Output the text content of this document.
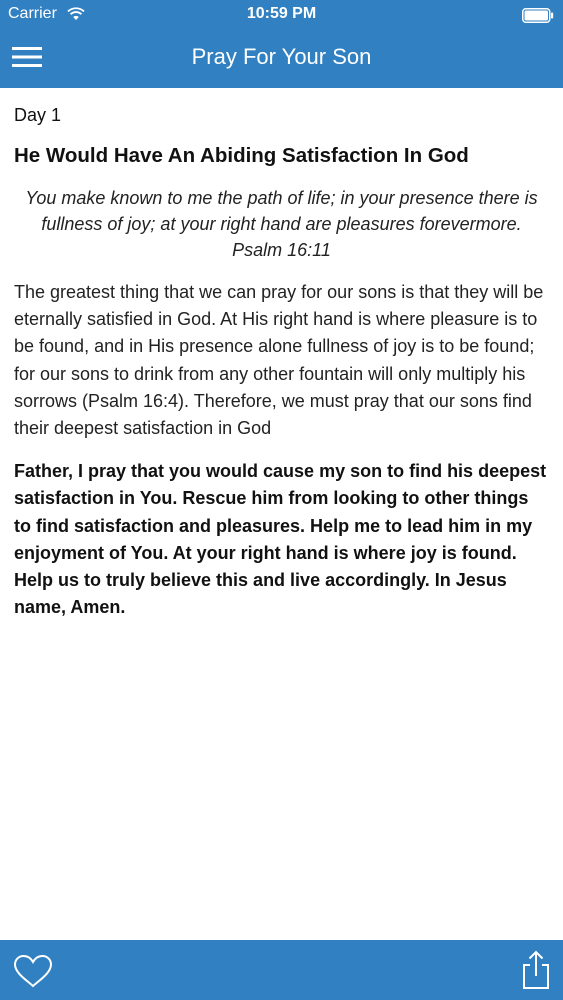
Carrier	10:59 PM
Pray For Your Son
Day 1
He Would Have An Abiding Satisfaction In God
You make known to me the path of life; in your presence there is fullness of joy; at your right hand are pleasures forevermore.
Psalm 16:11
The greatest thing that we can pray for our sons is that they will be eternally satisfied in God. At His right hand is where pleasure is to be found, and in His presence alone fullness of joy is to be found; for our sons to drink from any other fountain will only multiply his sorrows (Psalm 16:4). Therefore, we must pray that our sons find their deepest satisfaction in God
Father, I pray that you would cause my son to find his deepest satisfaction in You. Rescue him from looking to other things to find satisfaction and pleasures. Help me to lead him in my enjoyment of You. At your right hand is where joy is found. Help us to truly believe this and live accordingly. In Jesus name, Amen.
